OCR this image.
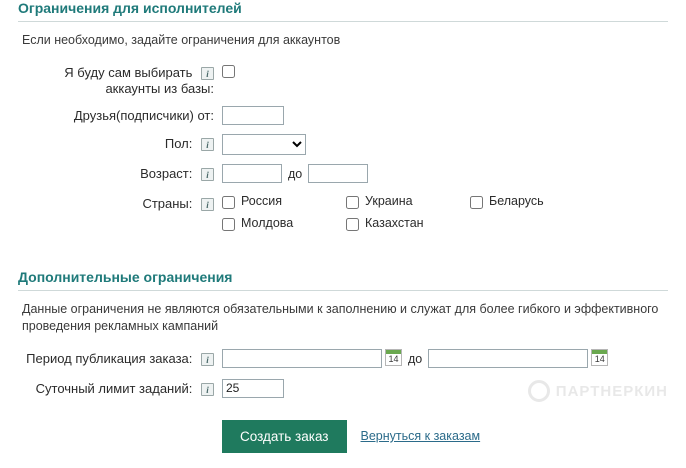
Ограничения для исполнителей
Если необходимо, задайте ограничения для аккаунтов
Я буду сам выбирать i
аккаунты из базы:
Друзья(подписчики) от:
Пол: i
Возраст: i	до
Страны: i	Россия	Украина	Беларусь
Молдова	Казахстан
Дополнительные ограничения
Данные ограничения не являются обязательными к заполнению и служат для более гибкого и эффективного проведения рекламных кампаний
Период публикация заказа: i	14 до	14
Суточный лимит заданий: i
25
Создать заказ	Вернуться к заказам
ПАРТНЕРКИН
